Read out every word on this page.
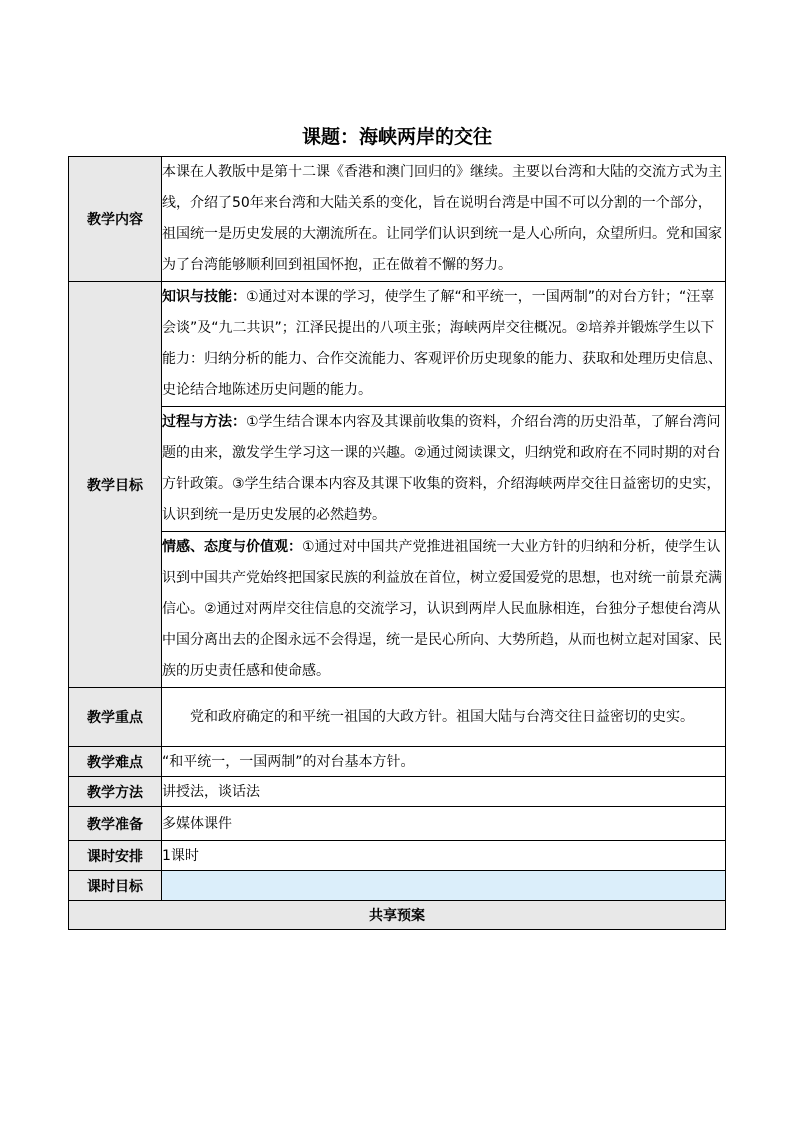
课题：海峡两岸的交往
教学内容	本课在人教版中是第十二课《香港和澳门回归的》继续。主要以台湾和大陆的交流方式为主线，介绍了50年来台湾和大陆关系的变化，旨在说明台湾是中国不可以分割的一个部分，祖国统一是历史发展的大潮流所在。让同学们认识到统一是人心所向，众望所归。党和国家为了台湾能够顺利回到祖国怀抱，正在做着不懈的努力。
教学目标	知识与技能：①通过对本课的学习，使学生了解“和平统一，一国两制”的对台方针；“汪辜会谈”及“九二共识”；江泽民提出的八项主张；海峡两岸交往概况。②培养并锻炼学生以下能力：归纳分析的能力、合作交流能力、客观评价历史现象的能力、获取和处理历史信息、史论结合地陈述历史问题的能力。
	过程与方法：①学生结合课本内容及其课前收集的资料，介绍台湾的历史沿革，了解台湾问题的由来，激发学生学习这一课的兴趣。②通过阅读课文，归纳党和政府在不同时期的对台方针政策。③学生结合课本内容及其课下收集的资料，介绍海峡两岸交往日益密切的史实，认识到统一是历史发展的必然趋势。
	情感、态度与价值观：①通过对中国共产党推进祖国统一大业方针的归纳和分析，使学生认识到中国共产党始终把国家民族的利益放在首位，树立爱国爱党的思想，也对统一前景充满信心。②通过对两岸交往信息的交流学习，认识到两岸人民血脉相连，台独分子想使台湾从中国分离出去的企图永远不会得逞，统一是民心所向、大势所趋，从而也树立起对国家、民族的历史责任感和使命感。
教学重点	党和政府确定的和平统一祖国的大政方针。祖国大陆与台湾交往日益密切的史实。
教学难点	“和平统一，一国两制”的对台基本方针。
教学方法	讲授法，谈话法
教学准备	多媒体课件
课时安排	1课时
课时目标	
共享预案	
